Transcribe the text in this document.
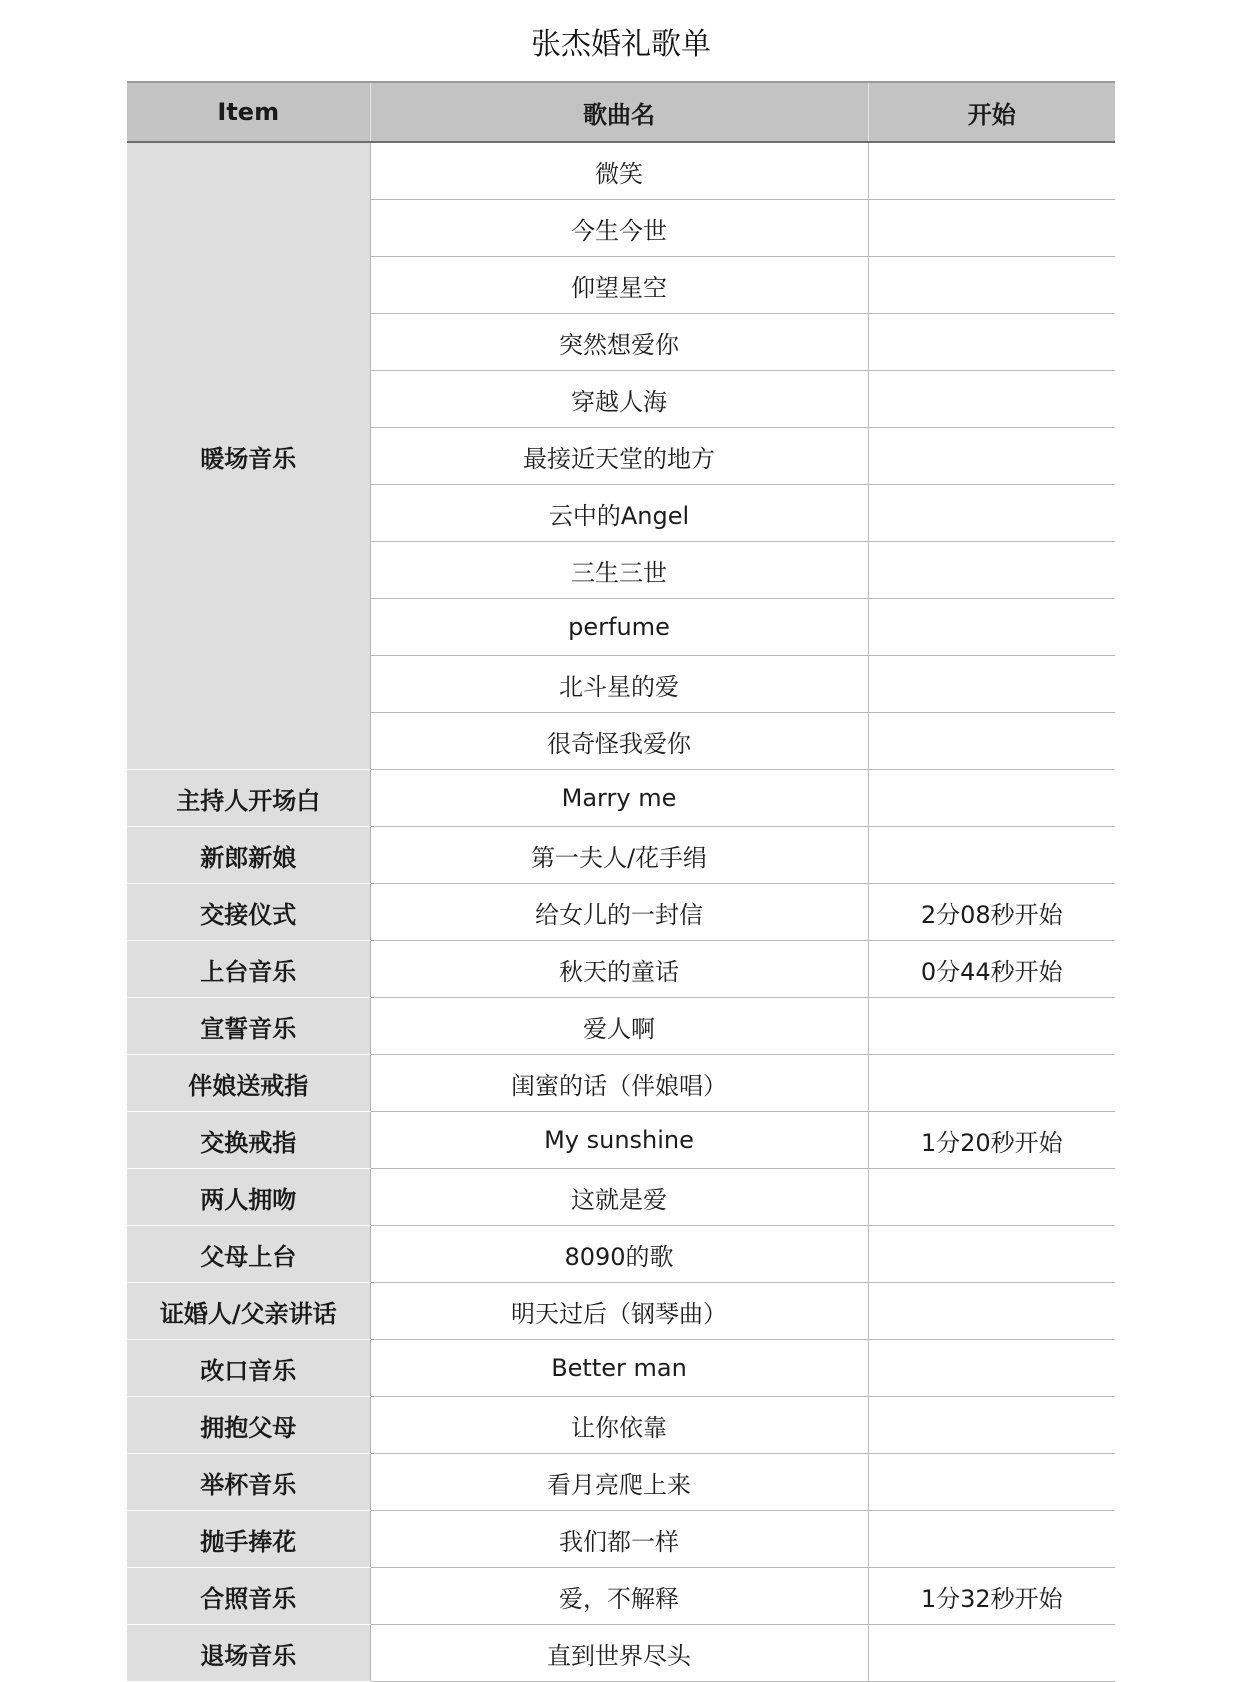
张杰婚礼歌单
Item	歌曲名	开始
暖场音乐	微笑	
	今生今世	
	仰望星空	
	突然想爱你	
	穿越人海	
	最接近天堂的地方	
	云中的Angel	
	三生三世	
	perfume	
	北斗星的爱	
	很奇怪我爱你	
主持人开场白	Marry me	
新郎新娘	第一夫人/花手绢	
交接仪式	给女儿的一封信	2分08秒开始
上台音乐	秋天的童话	0分44秒开始
宣誓音乐	爱人啊	
伴娘送戒指	闺蜜的话（伴娘唱）	
交换戒指	My sunshine	1分20秒开始
两人拥吻	这就是爱	
父母上台	8090的歌	
证婚人/父亲讲话	明天过后（钢琴曲）	
改口音乐	Better man	
拥抱父母	让你依靠	
举杯音乐	看月亮爬上来	
抛手捧花	我们都一样	
合照音乐	爱，不解释	1分32秒开始
退场音乐	直到世界尽头	
